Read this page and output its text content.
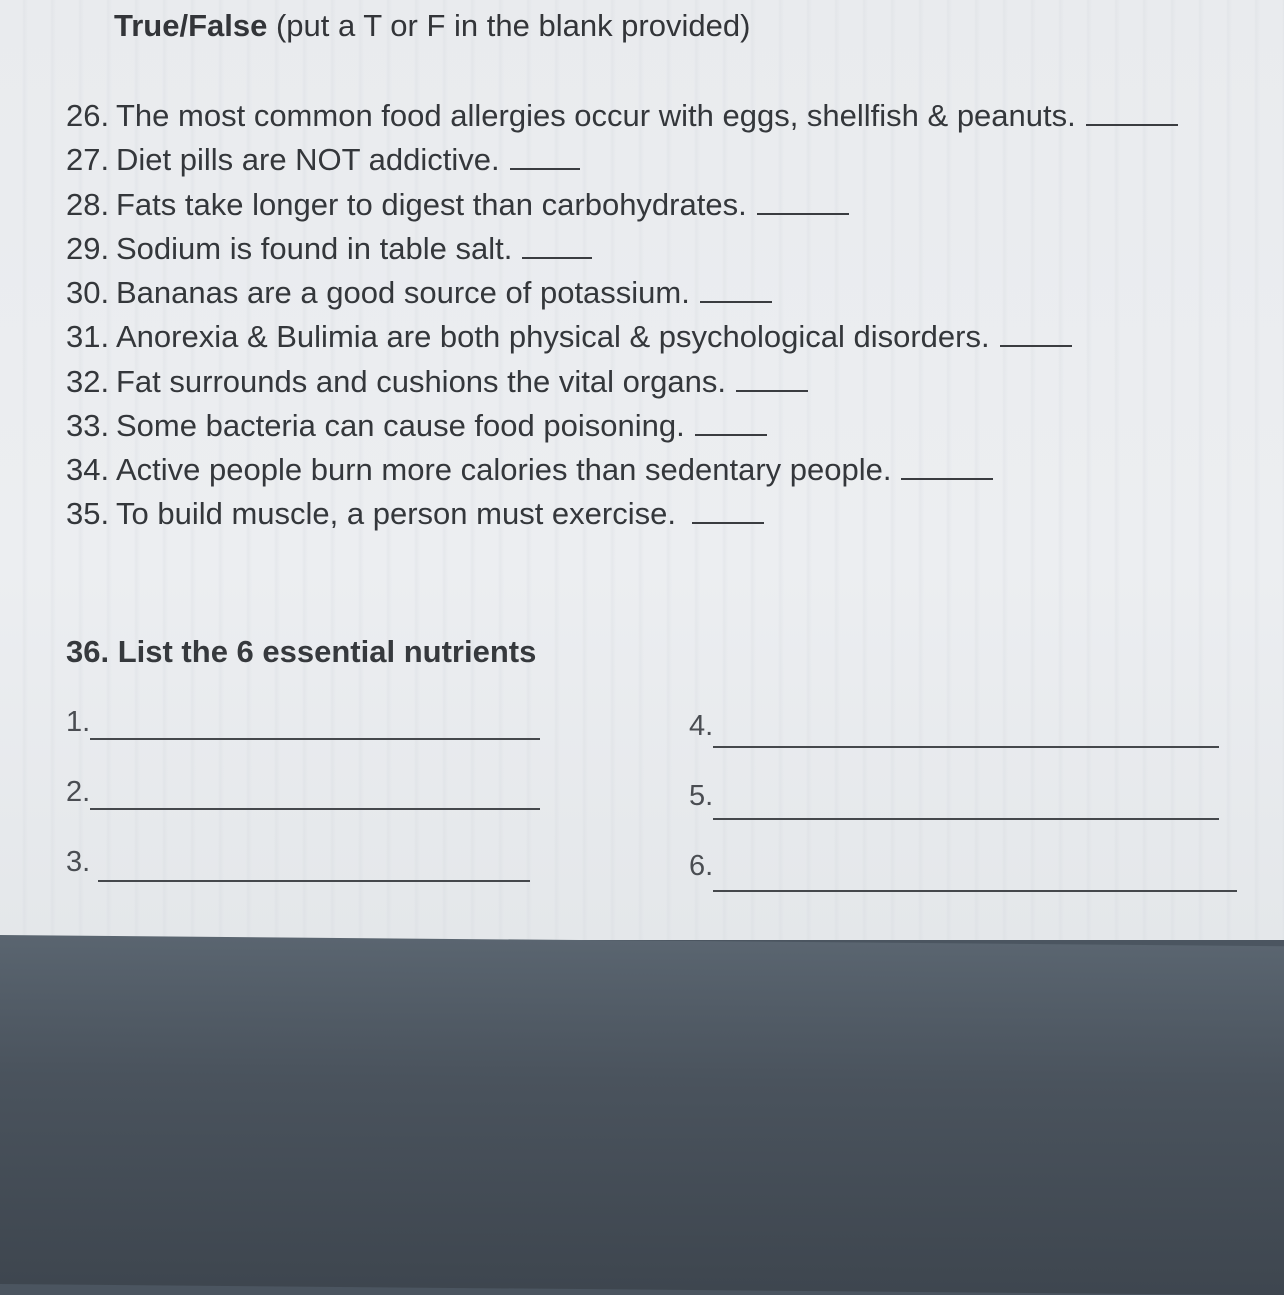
True/False (put a T or F in the blank provided)
26. The most common food allergies occur with eggs, shellfish & peanuts.
27. Diet pills are NOT addictive.
28. Fats take longer to digest than carbohydrates.
29. Sodium is found in table salt.
30. Bananas are a good source of potassium.
31. Anorexia & Bulimia are both physical & psychological disorders.
32. Fat surrounds and cushions the vital organs.
33. Some bacteria can cause food poisoning.
34. Active people burn more calories than sedentary people.
35. To build muscle, a person must exercise.
36. List the 6 essential nutrients
1.
2.
3.
4.
5.
6.
